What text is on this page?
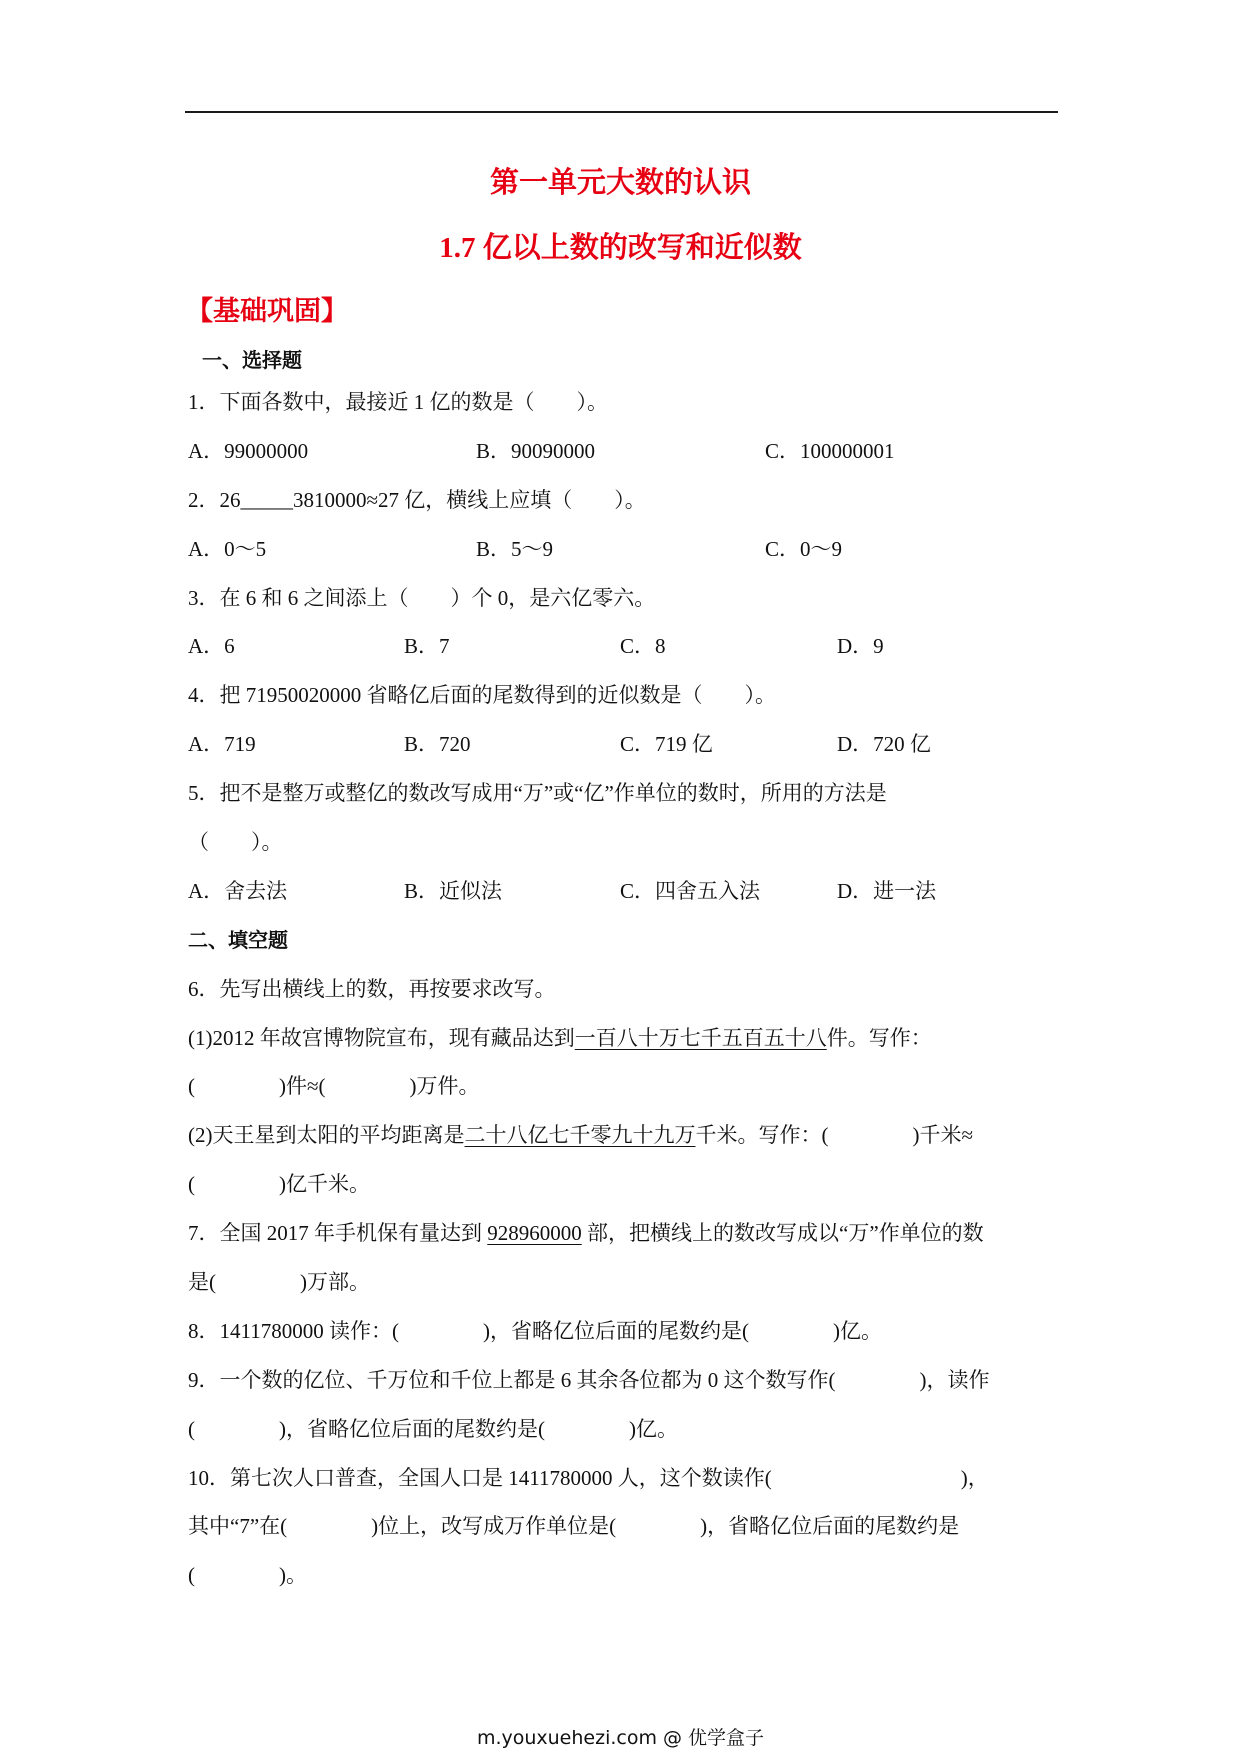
第一单元大数的认识
1.7 亿以上数的改写和近似数
【基础巩固】
一、选择题
1．下面各数中，最接近 1 亿的数是（　　）。
A．99000000	B．90090000	C．100000001
2．26_____3810000≈27 亿，横线上应填（　　）。
A．0～5	B．5～9	C．0～9
3．在 6 和 6 之间添上（　　）个 0，是六亿零六。
A．6	B．7	C．8	D．9
4．把 71950020000 省略亿后面的尾数得到的近似数是（　　）。
A．719	B．720	C．719 亿	D．720 亿
5．把不是整万或整亿的数改写成用“万”或“亿”作单位的数时，所用的方法是
（　　）。
A．舍去法	B．近似法	C．四舍五入法	D．进一法
二、填空题
6．先写出横线上的数，再按要求改写。
(1)2012 年故宫博物院宣布，现有藏品达到 一百八十万七千五百五十八 件。写作：
(　　　　)件≈(　　　　)万件。
(2)天王星到太阳的平均距离是 二十八亿七千零九十九万 千米。写作：(　　　　)千米≈
(　　　　)亿千米。
7．全国 2017 年手机保有量达到 928960000 部，把横线上的数改写成以“万”作单位的数
是(　　　　)万部。
8．1411780000 读作：(　　　　)，省略亿位后面的尾数约是(　　　　)亿。
9．一个数的亿位、千万位和千位上都是 6 其余各位都为 0 这个数写作(　　　　)，读作
(　　　　)，省略亿位后面的尾数约是(　　　　)亿。
10．第七次人口普查，全国人口是 1411780000 人，这个数读作(　　　　　　　　　)，
其中“7”在(　　　　)位上，改写成万作单位是(　　　　)，省略亿位后面的尾数约是
(　　　　)。
m.youxuehezi.com @ 优学盒子
